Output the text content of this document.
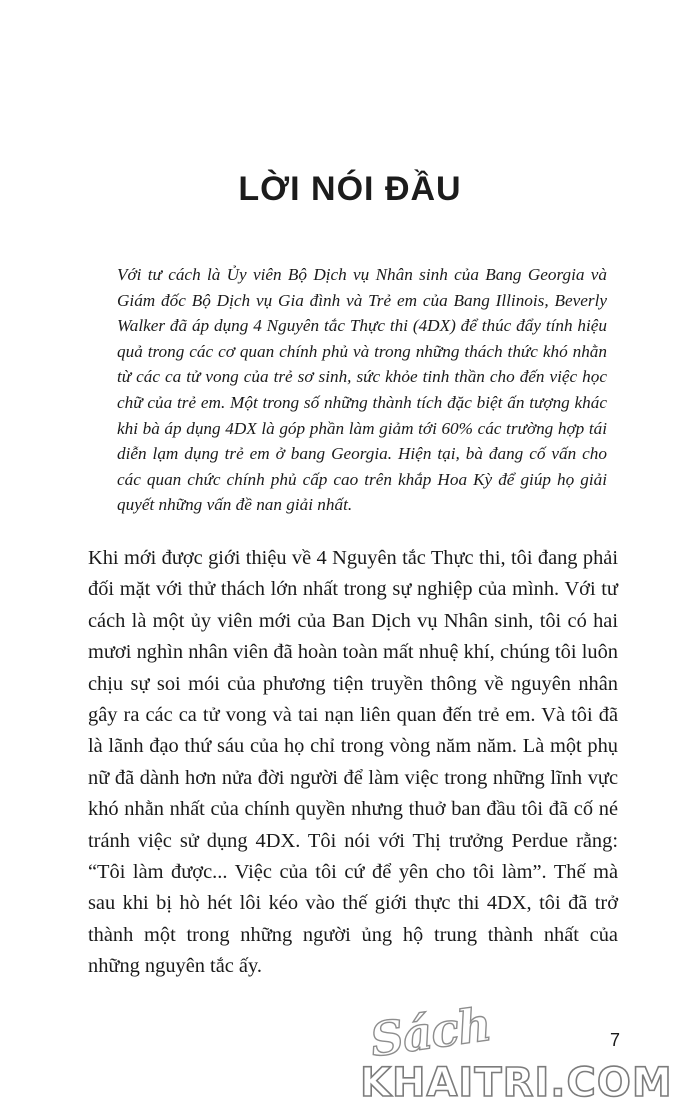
LỜI NÓI ĐẦU

Với tư cách là Ủy viên Bộ Dịch vụ Nhân sinh của Bang Georgia và Giám đốc Bộ Dịch vụ Gia đình và Trẻ em của Bang Illinois, Beverly Walker đã áp dụng 4 Nguyên tắc Thực thi (4DX) để thúc đẩy tính hiệu quả trong các cơ quan chính phủ và trong những thách thức khó nhằn từ các ca tử vong của trẻ sơ sinh, sức khỏe tinh thần cho đến việc học chữ của trẻ em. Một trong số những thành tích đặc biệt ấn tượng khác khi bà áp dụng 4DX là góp phần làm giảm tới 60% các trường hợp tái diễn lạm dụng trẻ em ở bang Georgia. Hiện tại, bà đang cố vấn cho các quan chức chính phủ cấp cao trên khắp Hoa Kỳ để giúp họ giải quyết những vấn đề nan giải nhất.

Khi mới được giới thiệu về 4 Nguyên tắc Thực thi, tôi đang phải đối mặt với thử thách lớn nhất trong sự nghiệp của mình. Với tư cách là một ủy viên mới của Ban Dịch vụ Nhân sinh, tôi có hai mươi nghìn nhân viên đã hoàn toàn mất nhuệ khí, chúng tôi luôn chịu sự soi mói của phương tiện truyền thông về nguyên nhân gây ra các ca tử vong và tai nạn liên quan đến trẻ em. Và tôi đã là lãnh đạo thứ sáu của họ chỉ trong vòng năm năm. Là một phụ nữ đã dành hơn nửa đời người để làm việc trong những lĩnh vực khó nhằn nhất của chính quyền nhưng thuở ban đầu tôi đã cố né tránh việc sử dụng 4DX. Tôi nói với Thị trưởng Perdue rằng: “Tôi làm được... Việc của tôi cứ để yên cho tôi làm”. Thế mà sau khi bị hò hét lôi kéo vào thế giới thực thi 4DX, tôi đã trở thành một trong những người ủng hộ trung thành nhất của những nguyên tắc ấy.

7
Sách
KHAITRI.COM
